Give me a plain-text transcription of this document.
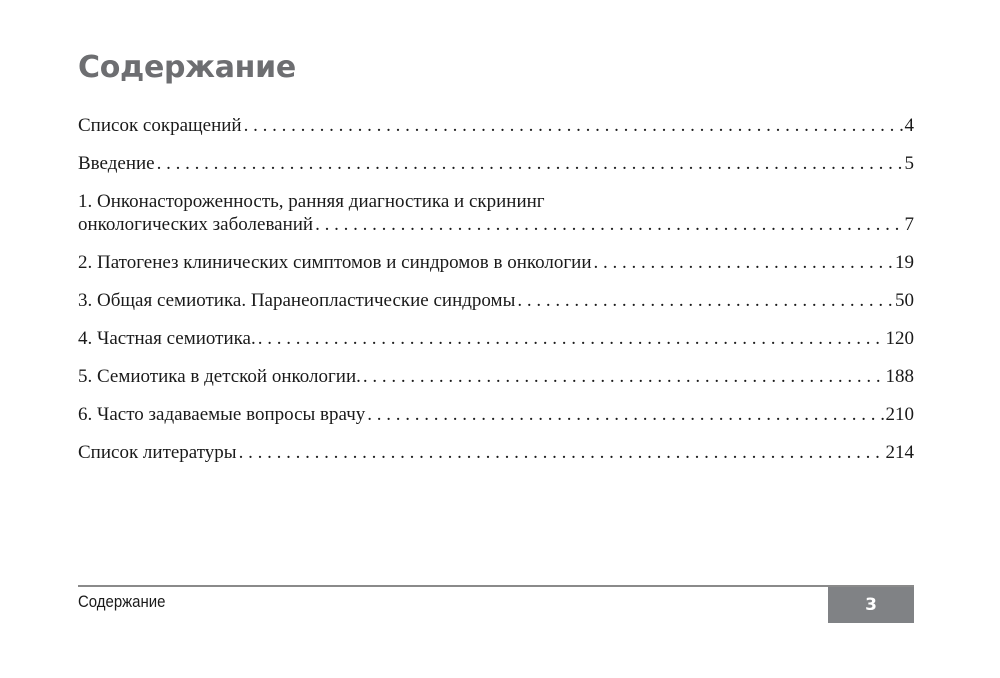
Содержание
Список сокращений . . .	4
Введение . . .	5
1. Онконастороженность, ранняя диагностика и скрининг
онкологических заболеваний . . .	7
2. Патогенез клинических симптомов и синдромов в онкологии . . .	19
3. Общая семиотика. Паранеопластические синдромы . . .	50
4. Частная семиотика. . . .	120
5. Семиотика в детской онкологии. . . .	188
6. Часто задаваемые вопросы врачу . . .	210
Список литературы . . .	214
Содержание	3
